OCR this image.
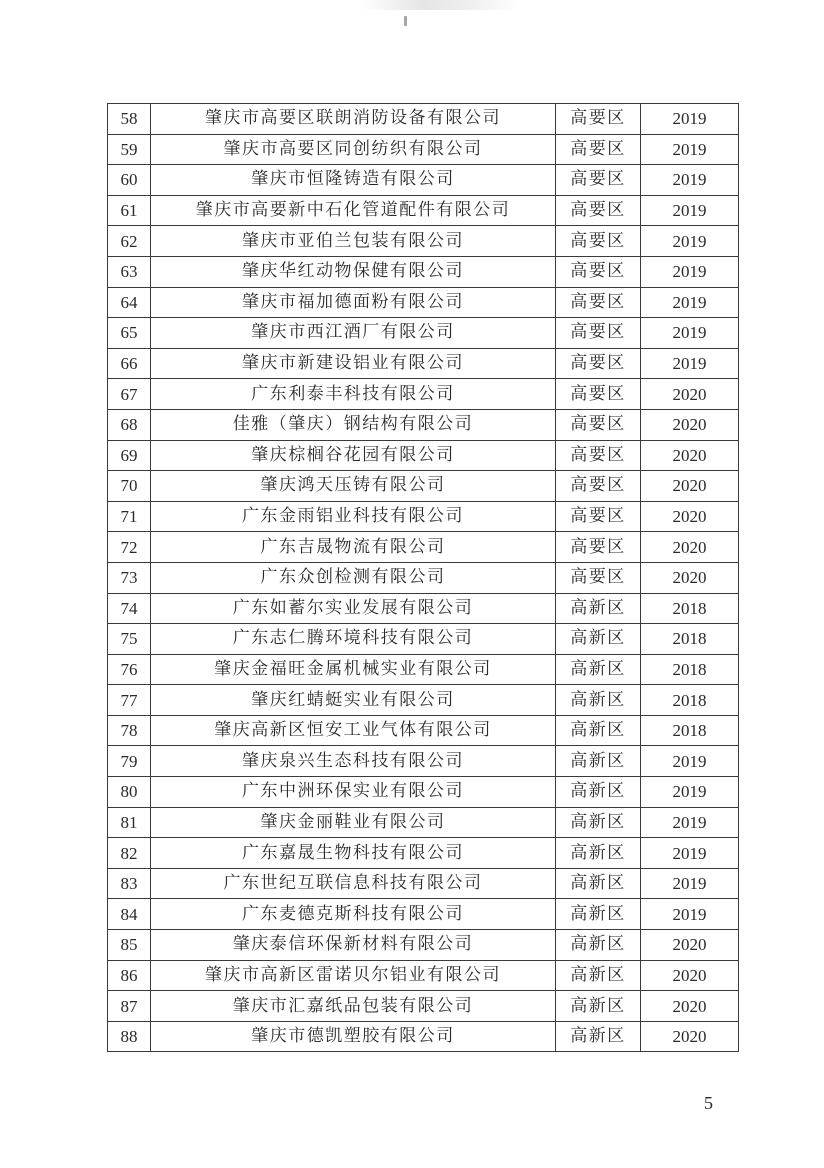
58	肇庆市高要区联朗消防设备有限公司	高要区	2019
59	肇庆市高要区同创纺织有限公司	高要区	2019
60	肇庆市恒隆铸造有限公司	高要区	2019
61	肇庆市高要新中石化管道配件有限公司	高要区	2019
62	肇庆市亚伯兰包装有限公司	高要区	2019
63	肇庆华红动物保健有限公司	高要区	2019
64	肇庆市福加德面粉有限公司	高要区	2019
65	肇庆市西江酒厂有限公司	高要区	2019
66	肇庆市新建设铝业有限公司	高要区	2019
67	广东利泰丰科技有限公司	高要区	2020
68	佳雅（肇庆）钢结构有限公司	高要区	2020
69	肇庆棕榈谷花园有限公司	高要区	2020
70	肇庆鸿天压铸有限公司	高要区	2020
71	广东金雨铝业科技有限公司	高要区	2020
72	广东吉晟物流有限公司	高要区	2020
73	广东众创检测有限公司	高要区	2020
74	广东如蓄尔实业发展有限公司	高新区	2018
75	广东志仁腾环境科技有限公司	高新区	2018
76	肇庆金福旺金属机械实业有限公司	高新区	2018
77	肇庆红蜻蜓实业有限公司	高新区	2018
78	肇庆高新区恒安工业气体有限公司	高新区	2018
79	肇庆泉兴生态科技有限公司	高新区	2019
80	广东中洲环保实业有限公司	高新区	2019
81	肇庆金丽鞋业有限公司	高新区	2019
82	广东嘉晟生物科技有限公司	高新区	2019
83	广东世纪互联信息科技有限公司	高新区	2019
84	广东麦德克斯科技有限公司	高新区	2019
85	肇庆泰信环保新材料有限公司	高新区	2020
86	肇庆市高新区雷诺贝尔铝业有限公司	高新区	2020
87	肇庆市汇嘉纸品包装有限公司	高新区	2020
88	肇庆市德凯塑胶有限公司	高新区	2020
5
